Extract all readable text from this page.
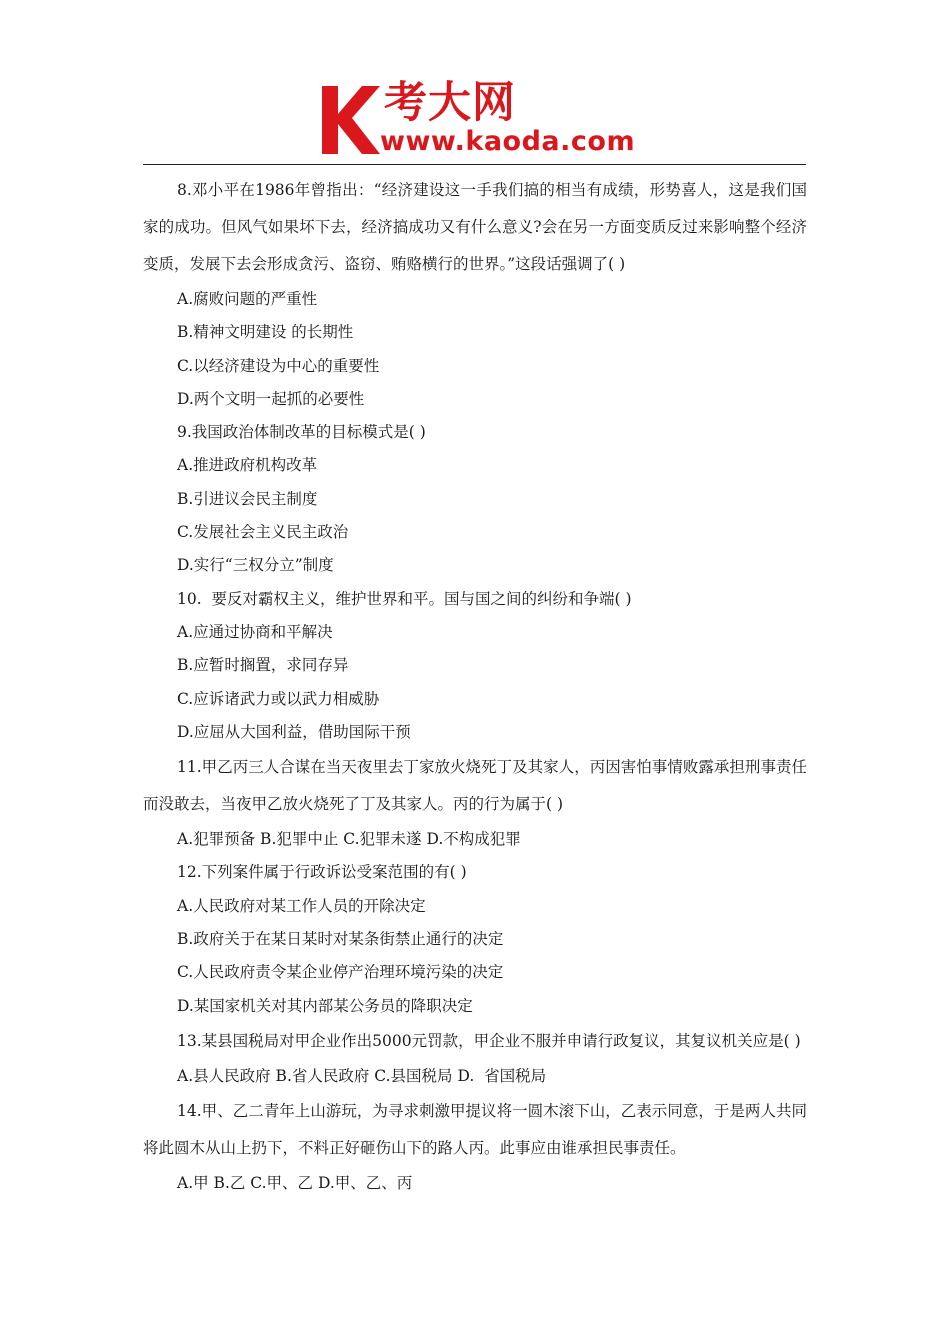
考大网
www.kaoda.com

8.邓小平在1986年曾指出：“经济建设这一手我们搞的相当有成绩，形势喜人，这是我们国家的成功。但风气如果坏下去，经济搞成功又有什么意义?会在另一方面变质反过来影响整个经济变质，发展下去会形成贪污、盗窃、贿赂横行的世界。”这段话强调了( )

A.腐败问题的严重性

B.精神文明建设 的长期性

C.以经济建设为中心的重要性

D.两个文明一起抓的必要性

9.我国政治体制改革的目标模式是( )

A.推进政府机构改革

B.引进议会民主制度

C.发展社会主义民主政治

D.实行“三权分立”制度

10.  要反对霸权主义，维护世界和平。国与国之间的纠纷和争端( )

A.应通过协商和平解决

B.应暂时搁置，求同存异

C.应诉诸武力或以武力相威胁

D.应屈从大国利益，借助国际干预

11.甲乙丙三人合谋在当天夜里去丁家放火烧死丁及其家人，丙因害怕事情败露承担刑事责任而没敢去，当夜甲乙放火烧死了丁及其家人。丙的行为属于( )

A.犯罪预备 B.犯罪中止 C.犯罪未遂 D.不构成犯罪

12.下列案件属于行政诉讼受案范围的有( )

A.人民政府对某工作人员的开除决定

B.政府关于在某日某时对某条街禁止通行的决定

C.人民政府责令某企业停产治理环境污染的决定

D.某国家机关对其内部某公务员的降职决定

13.某县国税局对甲企业作出5000元罚款，甲企业不服并申请行政复议，其复议机关应是( )

A.县人民政府 B.省人民政府 C.县国税局 D.  省国税局

14.甲、乙二青年上山游玩，为寻求刺激甲提议将一圆木滚下山，乙表示同意，于是两人共同将此圆木从山上扔下，不料正好砸伤山下的路人丙。此事应由谁承担民事责任。

A.甲 B.乙 C.甲、乙 D.甲、乙、丙
